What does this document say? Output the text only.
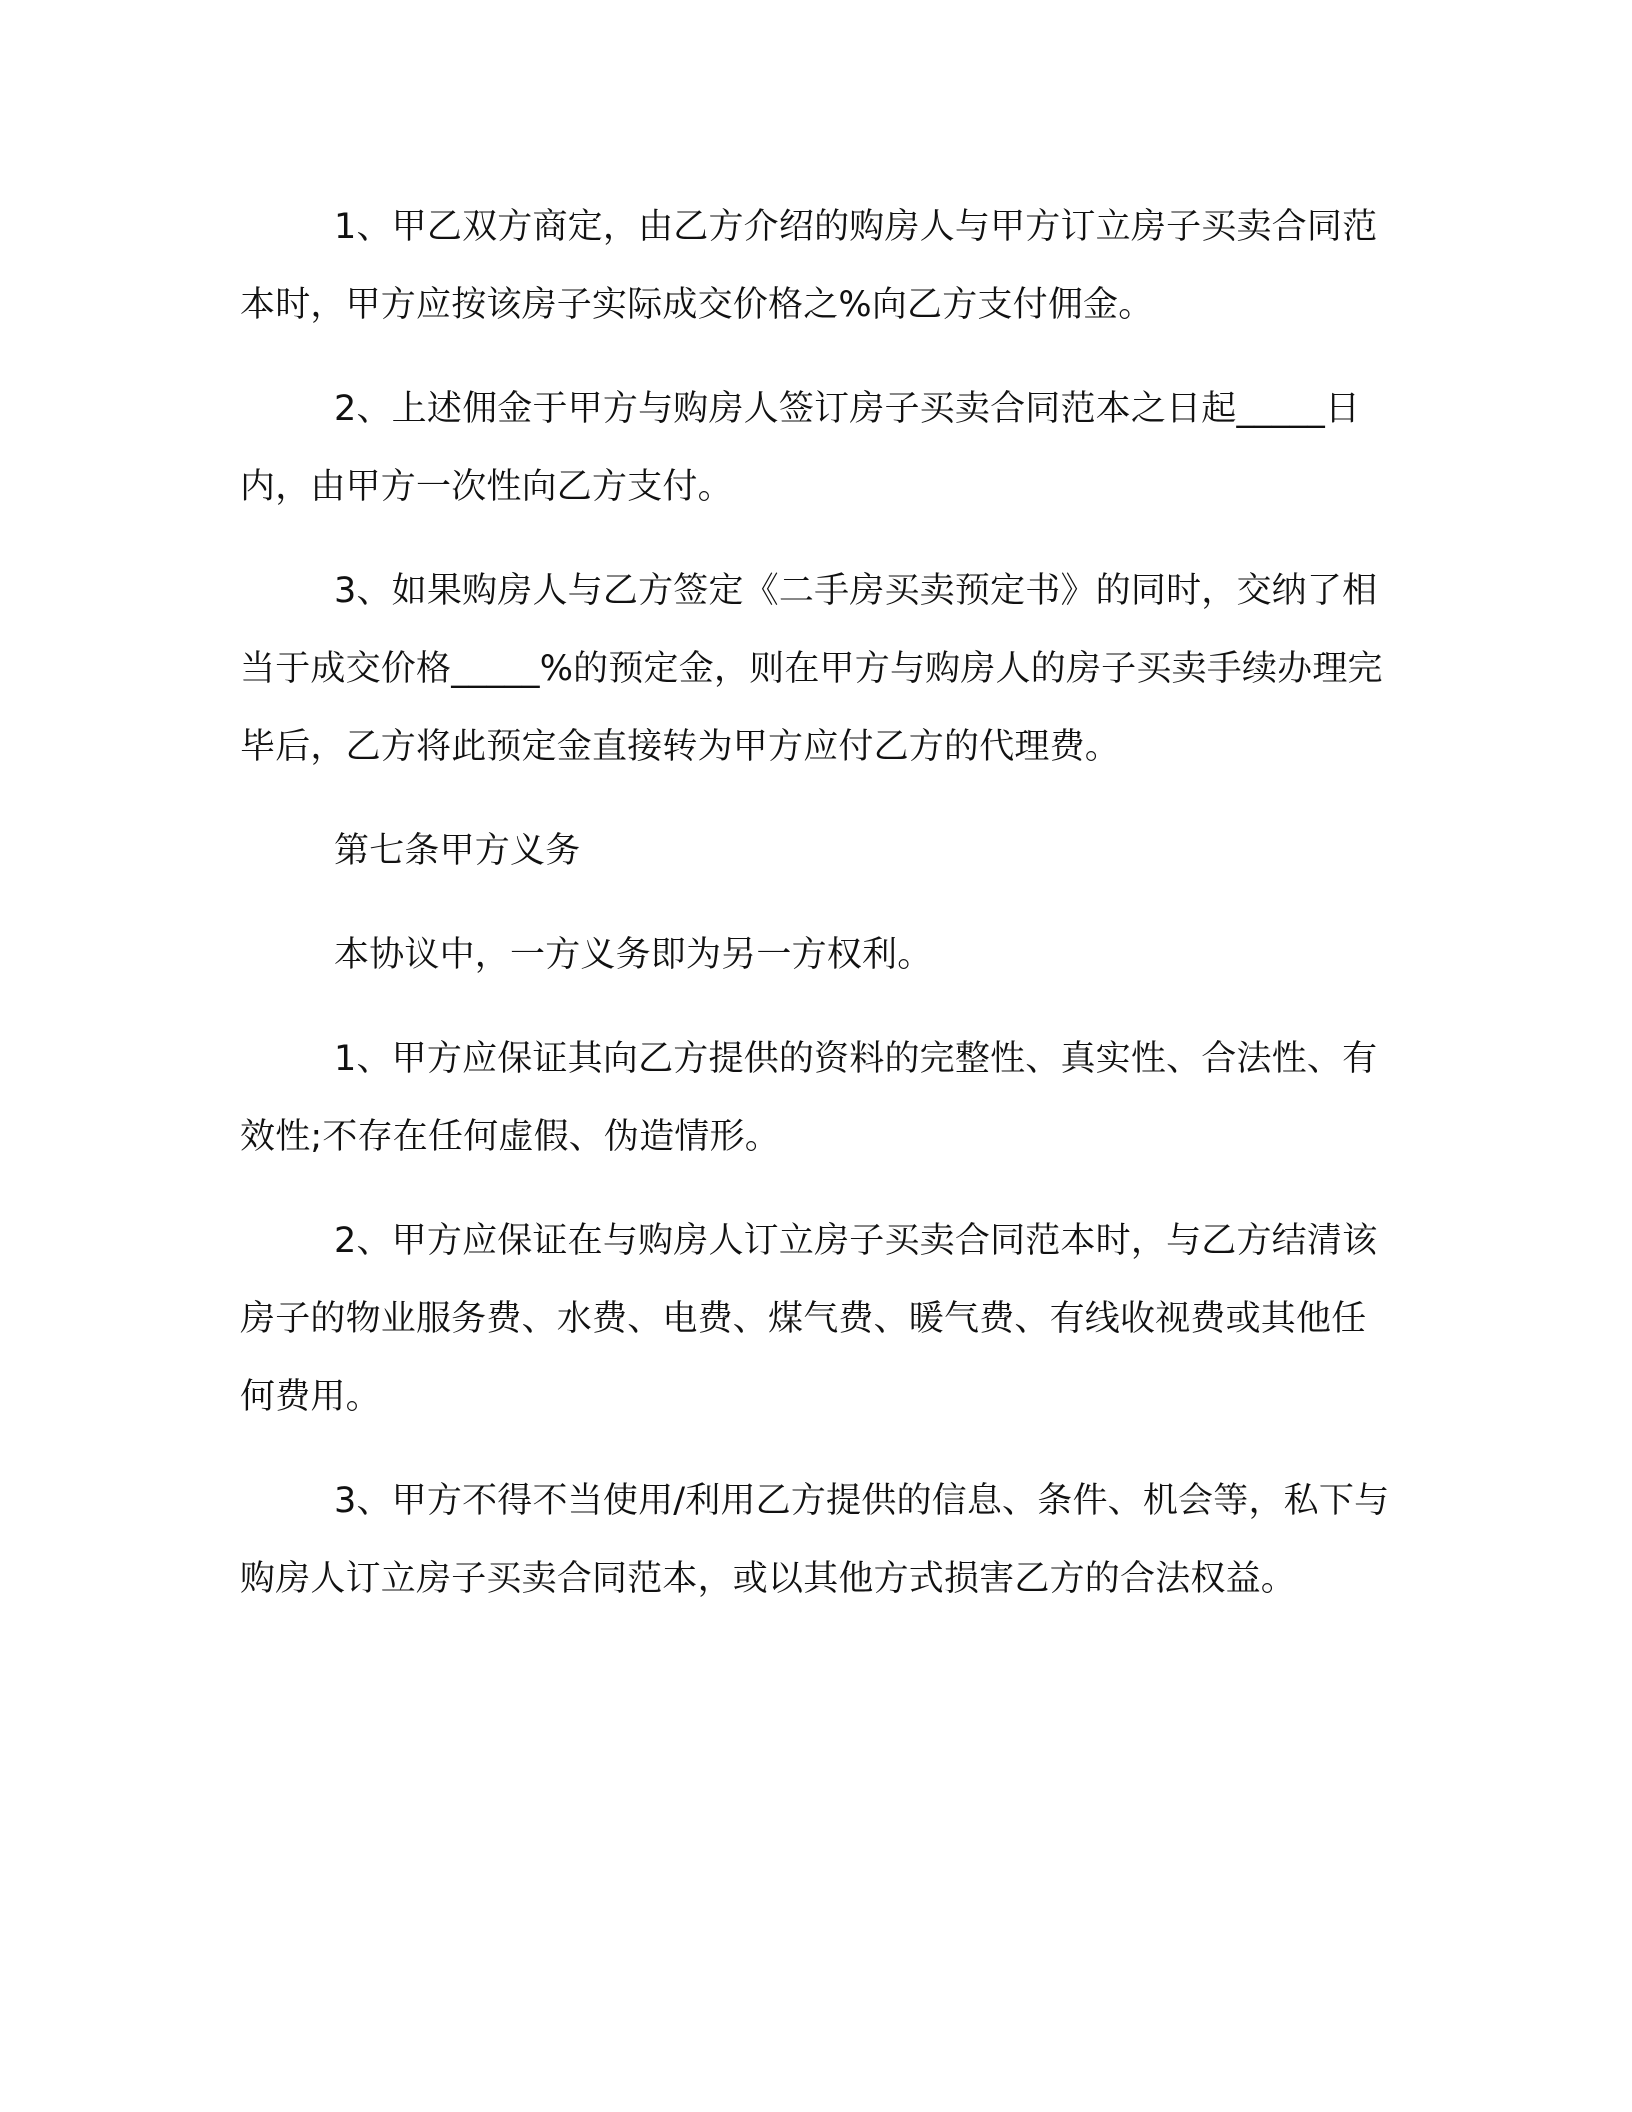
1、甲乙双方商定，由乙方介绍的购房人与甲方订立房子买卖合同范本时，甲方应按该房子实际成交价格之%向乙方支付佣金。

2、上述佣金于甲方与购房人签订房子买卖合同范本之日起_____日内，由甲方一次性向乙方支付。

3、如果购房人与乙方签定《二手房买卖预定书》的同时，交纳了相当于成交价格_____%的预定金，则在甲方与购房人的房子买卖手续办理完毕后，乙方将此预定金直接转为甲方应付乙方的代理费。

第七条甲方义务

本协议中，一方义务即为另一方权利。

1、甲方应保证其向乙方提供的资料的完整性、真实性、合法性、有效性;不存在任何虚假、伪造情形。

2、甲方应保证在与购房人订立房子买卖合同范本时，与乙方结清该房子的物业服务费、水费、电费、煤气费、暖气费、有线收视费或其他任何费用。

3、甲方不得不当使用/利用乙方提供的信息、条件、机会等，私下与购房人订立房子买卖合同范本，或以其他方式损害乙方的合法权益。
